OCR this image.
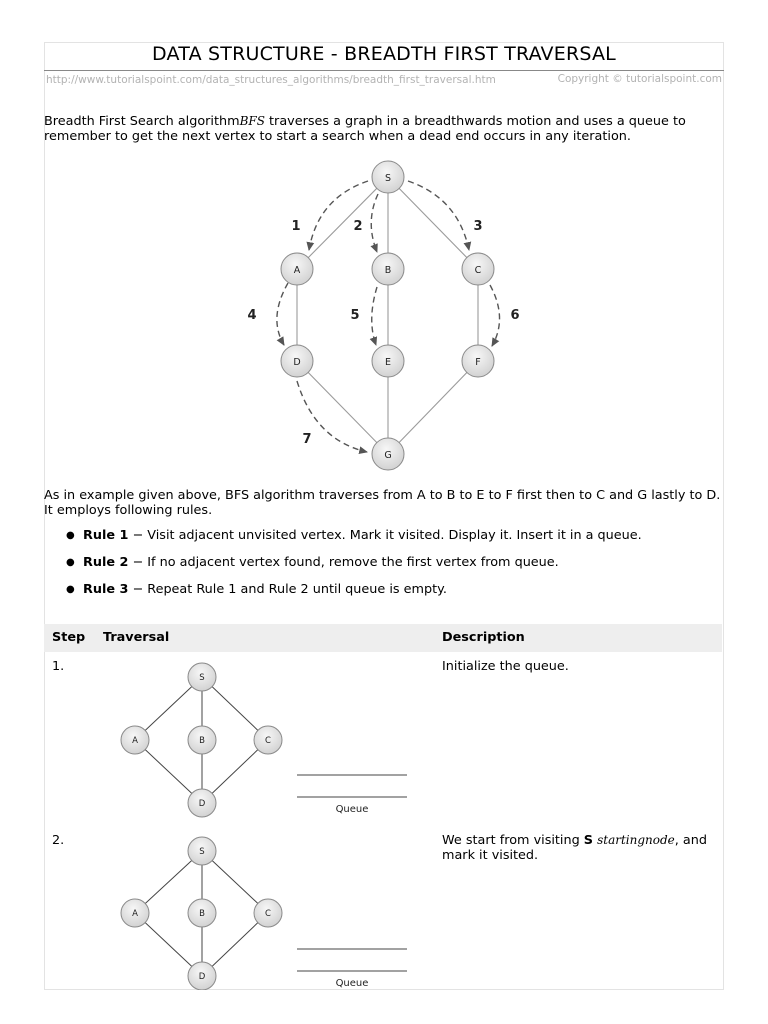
DATA STRUCTURE - BREADTH FIRST TRAVERSAL
http://www.tutorialspoint.com/data_structures_algorithms/breadth_first_traversal.htm	Copyright © tutorialspoint.com
Breadth First Search algorithmBFS traverses a graph in a breadthwards motion and uses a queue to remember to get the next vertex to start a search when a dead end occurs in any iteration.
1	2	3
4	5	6
7
S
A	B	C
D	E	F
G
As in example given above, BFS algorithm traverses from A to B to E to F first then to C and G lastly to D. It employs following rules.
● Rule 1 − Visit adjacent unvisited vertex. Mark it visited. Display it. Insert it in a queue.
● Rule 2 − If no adjacent vertex found, remove the first vertex from queue.
● Rule 3 − Repeat Rule 1 and Rule 2 until queue is empty.
Step Traversal	Description
1.	Initialize the queue.
S
A	B	C
D	Queue
2.	We start from visiting S startingnode, and mark it visited.
S
A	B	C
D
Queue
